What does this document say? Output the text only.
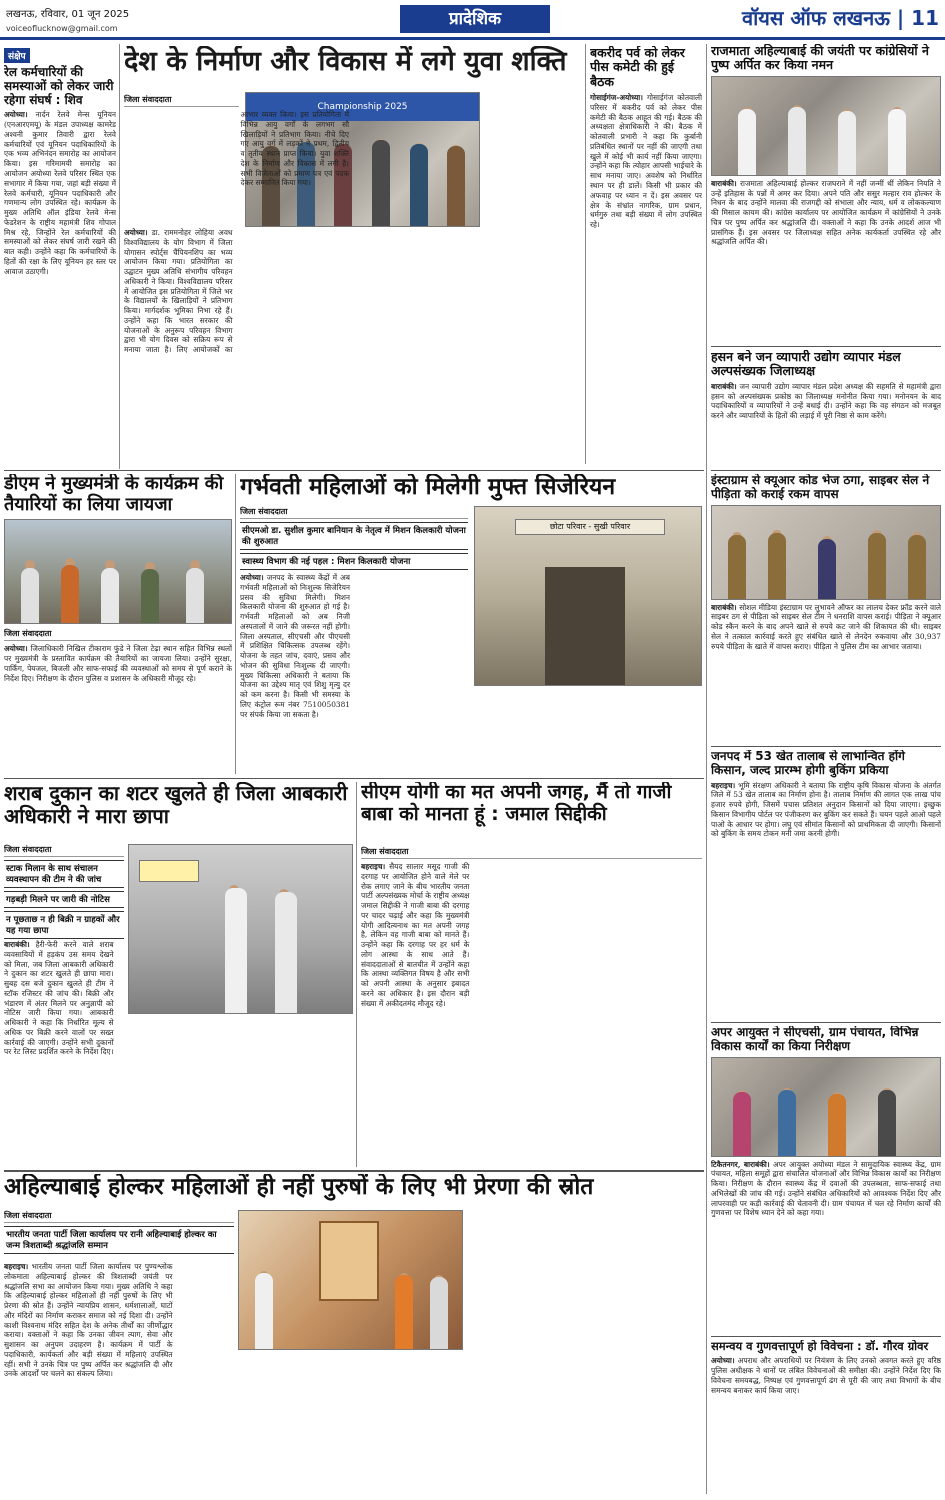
लखनऊ, रविवार, 01 जून 2025
voiceoflucknow@gmail.com	प्रादेशिक	वॉयस ऑफ लखनऊ | 11
संक्षेप
रेल कर्मचारियों की समस्याओं को लेकर जारी रहेगा संघर्ष : शिव
अयोध्या। नार्दन रेलवे मेन्स यूनियन (एनआरएमयू) के मंडल उपाध्यक्ष कामरेड अश्वनी कुमार तिवारी द्वारा रेलवे कर्मचारियों एवं यूनियन पदाधिकारियों के एक भव्य अभिनंदन समारोह का आयोजन किया। इस गरिमामयी समारोह का आयोजन अयोध्या रेलवे परिसर स्थित एक सभागार में किया गया, जहां बड़ी संख्या में रेलवे कर्मचारी, यूनियन पदाधिकारी और गणमान्य लोग उपस्थित रहे। कार्यक्रम के मुख्य अतिथि ऑल इंडिया रेलवे मेन्स फेडरेशन के राष्ट्रीय महामंत्री शिव गोपाल मिश्र रहे, जिन्होंने रेल कर्मचारियों की समस्याओं को लेकर संघर्ष जारी रखने की बात कही। उन्होंने कहा कि कर्मचारियों के हितों की रक्षा के लिए यूनियन हर स्तर पर आवाज उठाएगी।
देश के निर्माण और विकास में लगे युवा शक्ति
Championship 2025
जिला संवाददाता
अयोध्या। डा. राममनोहर लोहिया अवध विश्वविद्यालय के योग विभाग में जिला योगासन स्पोर्ट्स चैंपियनशिप का भव्य आयोजन किया गया। प्रतियोगिता का उद्घाटन मुख्य अतिथि संभागीय परिवहन अधिकारी ने किया। विश्वविद्यालय परिसर में आयोजित इस प्रतियोगिता में जिले भर के विद्यालयों के खिलाड़ियों ने प्रतिभाग किया। मार्गदर्शक भूमिका निभा रहे हैं। उन्होंने कहा कि भारत सरकार की योजनाओं के अनुरूप परिवहन विभाग द्वारा भी योग दिवस को सक्रिय रूप से मनाया जाता है। लिए आयोजकों का आभार व्यक्त किया। इस प्रतियोगिता में विभिन्न आयु वर्गों के लगभग सौ खिलाड़ियों ने प्रतिभाग किया। नीचे दिए गए आयु वर्ग में लड़कों ने प्रथम, द्वितीय व तृतीय स्थान प्राप्त किया। युवा शक्ति देश के निर्माण और विकास में लगी है। सभी विजेताओं को प्रमाण पत्र एवं पदक देकर सम्मानित किया गया।
बकरीद पर्व को लेकर पीस कमेटी की हुई बैठक
गोसाईगंज-अयोध्या। गोसाईगंज कोतवाली परिसर में बकरीद पर्व को लेकर पीस कमेटी की बैठक आहूत की गई। बैठक की अध्यक्षता क्षेत्राधिकारी ने की। बैठक में कोतवाली प्रभारी ने कहा कि कुर्बानी प्रतिबंधित स्थानों पर नहीं की जाएगी तथा खुले में कोई भी कार्य नहीं किया जाएगा। उन्होंने कहा कि त्योहार आपसी भाईचारे के साथ मनाया जाए। अवशेष को निर्धारित स्थान पर ही डालें। किसी भी प्रकार की अफवाह पर ध्यान न दें। इस अवसर पर क्षेत्र के संभ्रांत नागरिक, ग्राम प्रधान, धर्मगुरु तथा बड़ी संख्या में लोग उपस्थित रहे।
राजमाता अहिल्याबाई की जयंती पर कांग्रेसियों ने पुष्प अर्पित कर किया नमन
बाराबंकी। राजमाता अहिल्याबाई होल्कर राजघराने में नहीं जन्मीं थीं लेकिन नियति ने उन्हें इतिहास के पन्नों में अमर कर दिया। अपने पति और ससुर मल्हार राव होल्कर के निधन के बाद उन्होंने मालवा की राजगद्दी को संभाला और न्याय, धर्म व लोककल्याण की मिसाल कायम की। कांग्रेस कार्यालय पर आयोजित कार्यक्रम में कांग्रेसियों ने उनके चित्र पर पुष्प अर्पित कर श्रद्धांजलि दी। वक्ताओं ने कहा कि उनके आदर्श आज भी प्रासंगिक हैं। इस अवसर पर जिलाध्यक्ष सहित अनेक कार्यकर्ता उपस्थित रहे और श्रद्धांजलि अर्पित की।
हसन बने जन व्यापारी उद्योग व्यापार मंडल अल्पसंख्यक जिलाध्यक्ष
बाराबंकी। जन व्यापारी उद्योग व्यापार मंडल प्रदेश अध्यक्ष की सहमति से महामंत्री द्वारा हसन को अल्पसंख्यक प्रकोष्ठ का जिलाध्यक्ष मनोनीत किया गया। मनोनयन के बाद पदाधिकारियों व व्यापारियों ने उन्हें बधाई दी। उन्होंने कहा कि वह संगठन को मजबूत करने और व्यापारियों के हितों की लड़ाई में पूरी निष्ठा से काम करेंगे।
इंस्टाग्राम से क्यूआर कोड भेज ठगा, साइबर सेल ने पीड़िता को कराई रकम वापस
बाराबंकी। सोशल मीडिया इंस्टाग्राम पर लुभावने ऑफर का लालच देकर फ्रॉड करने वाले साइबर ठग से पीड़िता को साइबर सेल टीम ने धनराशि वापस कराई। पीड़िता ने क्यूआर कोड स्कैन करने के बाद अपने खाते से रुपये कट जाने की शिकायत की थी। साइबर सेल ने तत्काल कार्रवाई करते हुए संबंधित खाते से लेनदेन रुकवाया और 30,937 रुपये पीड़िता के खाते में वापस कराए। पीड़िता ने पुलिस टीम का आभार जताया।
जनपद में 53 खेत तालाब से लाभान्वित होंगे किसान, जल्द प्रारम्भ होगी बुकिंग प्रकिया
बहराइच। भूमि संरक्षण अधिकारी ने बताया कि राष्ट्रीय कृषि विकास योजना के अंतर्गत जिले में 53 खेत तालाब का निर्माण होना है। तालाब निर्माण की लागत एक लाख पांच हजार रुपये होगी, जिसमें पचास प्रतिशत अनुदान किसानों को दिया जाएगा। इच्छुक किसान विभागीय पोर्टल पर पंजीकरण कर बुकिंग कर सकते हैं। चयन पहले आओ पहले पाओ के आधार पर होगा। लघु एवं सीमांत किसानों को प्राथमिकता दी जाएगी। किसानों को बुकिंग के समय टोकन मनी जमा करनी होगी।
अपर आयुक्त ने सीएचसी, ग्राम पंचायत, विभिन्न विकास कार्यों का किया निरीक्षण
टिकैतनगर, बाराबंकी। अपर आयुक्त अयोध्या मंडल ने सामुदायिक स्वास्थ्य केंद्र, ग्राम पंचायत, महिला समूहों द्वारा संचालित योजनाओं और विभिन्न विकास कार्यों का निरीक्षण किया। निरीक्षण के दौरान स्वास्थ्य केंद्र में दवाओं की उपलब्धता, साफ-सफाई तथा अभिलेखों की जांच की गई। उन्होंने संबंधित अधिकारियों को आवश्यक निर्देश दिए और लापरवाही पर कड़ी कार्रवाई की चेतावनी दी। ग्राम पंचायत में चल रहे निर्माण कार्यों की गुणवत्ता पर विशेष ध्यान देने को कहा गया।
समन्वय व गुणवत्तापूर्ण हो विवेचना : डॉ. गौरव ग्रोवर
अयोध्या। अपराध और अपराधियों पर नियंत्रण के लिए उनको अवगत करते हुए वरिष्ठ पुलिस अधीक्षक ने थानों पर लंबित विवेचनाओं की समीक्षा की। उन्होंने निर्देश दिए कि विवेचना समयबद्ध, निष्पक्ष एवं गुणवत्तापूर्ण ढंग से पूरी की जाए तथा विभागों के बीच समन्वय बनाकर कार्य किया जाए।
डीएम ने मुख्यमंत्री के कार्यक्रम की तैयारियों का लिया जायजा
जिला संवाददाता
अयोध्या। जिलाधिकारी निखिल टीकाराम फुंडे ने जिला टेढ़ा स्थान सहित विभिन्न स्थलों पर मुख्यमंत्री के प्रस्तावित कार्यक्रम की तैयारियों का जायजा लिया। उन्होंने सुरक्षा, पार्किंग, पेयजल, बिजली और साफ-सफाई की व्यवस्थाओं को समय से पूर्ण कराने के निर्देश दिए। निरीक्षण के दौरान पुलिस व प्रशासन के अधिकारी मौजूद रहे।
गर्भवती महिलाओं को मिलेगी मुफ्त सिजेरियन
जिला संवाददाता
सीएमओ डा. सुशील कुमार बानियान के नेतृत्व में मिशन किलकारी योजना की शुरुआत
स्वास्थ्य विभाग की नई पहल : मिशन किलकारी योजना
अयोध्या। जनपद के स्वास्थ्य केंद्रों में अब गर्भवती महिलाओं को निःशुल्क सिजेरियन प्रसव की सुविधा मिलेगी। मिशन किलकारी योजना की शुरुआत हो गई है। गर्भवती महिलाओं को अब निजी अस्पतालों में जाने की जरूरत नहीं होगी। जिला अस्पताल, सीएचसी और पीएचसी में प्रशिक्षित चिकित्सक उपलब्ध रहेंगे। योजना के तहत जांच, दवाएं, प्रसव और भोजन की सुविधा निःशुल्क दी जाएगी। मुख्य चिकित्सा अधिकारी ने बताया कि योजना का उद्देश्य मातृ एवं शिशु मृत्यु दर को कम करना है। किसी भी समस्या के लिए कंट्रोल रूम नंबर 7510050381 पर संपर्क किया जा सकता है।
छोटा परिवार - सुखी परिवार
शराब दुकान का शटर खुलते ही जिला आबकारी अधिकारी ने मारा छापा
जिला संवाददाता
स्टाक मिलान के साथ संचालन व्यवस्थापन की टीम ने की जांच
गड़बड़ी मिलने पर जारी की नोटिस
न पूछताछ न ही बिक्री न ग्राहकों और यह गया छापा
बाराबंकी। हैरी-फेरी करने वाले शराब व्यवसायियों में हड़कंप उस समय देखने को मिला, जब जिला आबकारी अधिकारी ने दुकान का शटर खुलते ही छापा मारा। सुबह दस बजे दुकान खुलते ही टीम ने स्टॉक रजिस्टर की जांच की। बिक्री और भंडारण में अंतर मिलने पर अनुज्ञापी को नोटिस जारी किया गया। आबकारी अधिकारी ने कहा कि निर्धारित मूल्य से अधिक पर बिक्री करने वालों पर सख्त कार्रवाई की जाएगी। उन्होंने सभी दुकानों पर रेट लिस्ट प्रदर्शित करने के निर्देश दिए।
सीएम योगी का मत अपनी जगह, मैं तो गाजी बाबा को मानता हूं : जमाल सिद्दीकी
जिला संवाददाता
बहराइच। सैयद सालार मसूद गाजी की दरगाह पर आयोजित होने वाले मेले पर रोक लगाए जाने के बीच भारतीय जनता पार्टी अल्पसंख्यक मोर्चा के राष्ट्रीय अध्यक्ष जमाल सिद्दीकी ने गाजी बाबा की दरगाह पर चादर चढ़ाई और कहा कि मुख्यमंत्री योगी आदित्यनाथ का मत अपनी जगह है, लेकिन वह गाजी बाबा को मानते हैं। उन्होंने कहा कि दरगाह पर हर धर्म के लोग आस्था के साथ आते हैं। संवाददाताओं से बातचीत में उन्होंने कहा कि आस्था व्यक्तिगत विषय है और सभी को अपनी आस्था के अनुसार इबादत करने का अधिकार है। इस दौरान बड़ी संख्या में अकीदतमंद मौजूद रहे।
अहिल्याबाई होल्कर महिलाओं ही नहीं पुरुषों के लिए भी प्रेरणा की स्रोत
जिला संवाददाता
भारतीय जनता पार्टी जिला कार्यालय पर रानी अहिल्याबाई होल्कर का जन्म त्रिशताब्दी श्रद्धांजलि सम्मान
बहराइच। भारतीय जनता पार्टी जिला कार्यालय पर पुण्यश्लोक लोकमाता अहिल्याबाई होल्कर की त्रिशताब्दी जयंती पर श्रद्धांजलि सभा का आयोजन किया गया। मुख्य अतिथि ने कहा कि अहिल्याबाई होल्कर महिलाओं ही नहीं पुरुषों के लिए भी प्रेरणा की स्रोत हैं। उन्होंने न्यायप्रिय शासन, धर्मशालाओं, घाटों और मंदिरों का निर्माण कराकर समाज को नई दिशा दी। उन्होंने काशी विश्वनाथ मंदिर सहित देश के अनेक तीर्थों का जीर्णोद्धार कराया। वक्ताओं ने कहा कि उनका जीवन त्याग, सेवा और सुशासन का अनुपम उदाहरण है। कार्यक्रम में पार्टी के पदाधिकारी, कार्यकर्ता और बड़ी संख्या में महिलाएं उपस्थित रहीं। सभी ने उनके चित्र पर पुष्प अर्पित कर श्रद्धांजलि दी और उनके आदर्शों पर चलने का संकल्प लिया।
